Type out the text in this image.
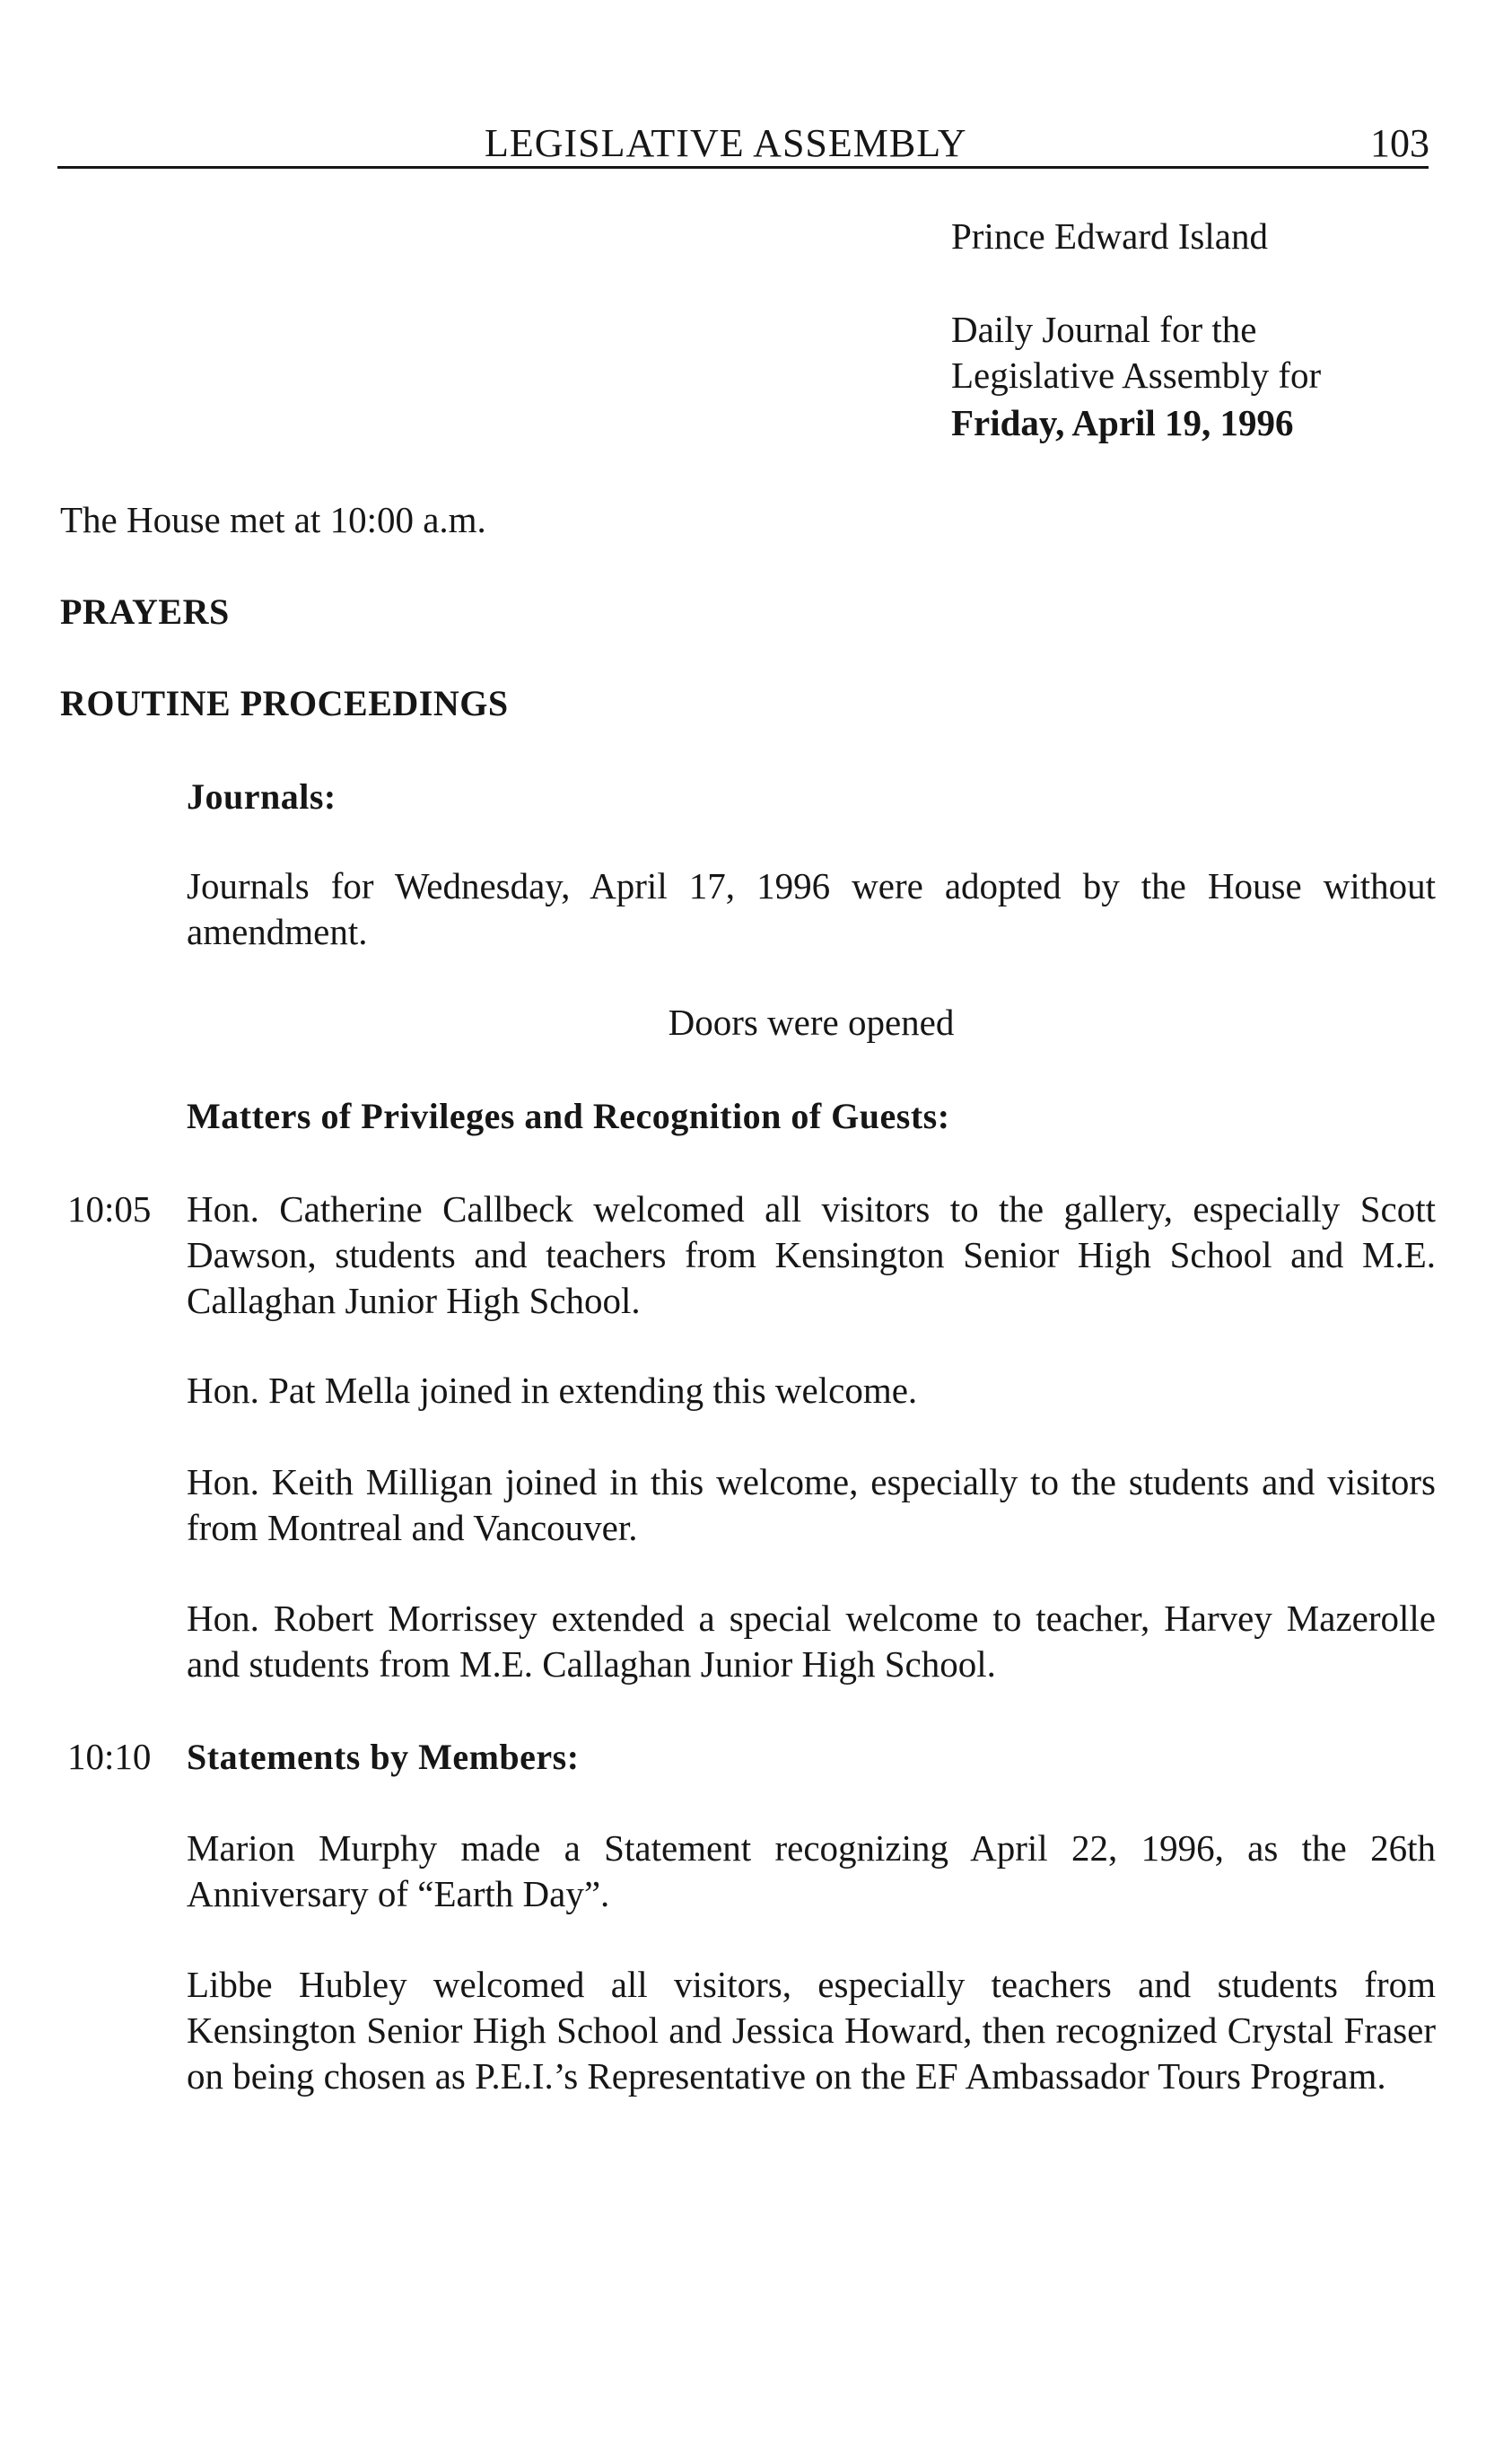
LEGISLATIVE ASSEMBLY	103
Prince Edward Island
Daily Journal for the
Legislative Assembly for
Friday, April 19, 1996
The House met at 10:00 a.m.
PRAYERS
ROUTINE PROCEEDINGS
Journals:
Journals for Wednesday, April 17, 1996 were adopted by the House without amendment.
Doors were opened
Matters of Privileges and Recognition of Guests:
10:05 Hon. Catherine Callbeck welcomed all visitors to the gallery, especially Scott Dawson, students and teachers from Kensington Senior High School and M.E. Callaghan Junior High School.
Hon. Pat Mella joined in extending this welcome.
Hon. Keith Milligan joined in this welcome, especially to the students and visitors from Montreal and Vancouver.
Hon. Robert Morrissey extended a special welcome to teacher, Harvey Mazerolle and students from M.E. Callaghan Junior High School.
10:10 Statements by Members:
Marion Murphy made a Statement recognizing April 22, 1996, as the 26th Anniversary of “Earth Day”.
Libbe Hubley welcomed all visitors, especially teachers and students from Kensington Senior High School and Jessica Howard, then recognized Crystal Fraser on being chosen as P.E.I.’s Representative on the EF Ambassador Tours Program.
